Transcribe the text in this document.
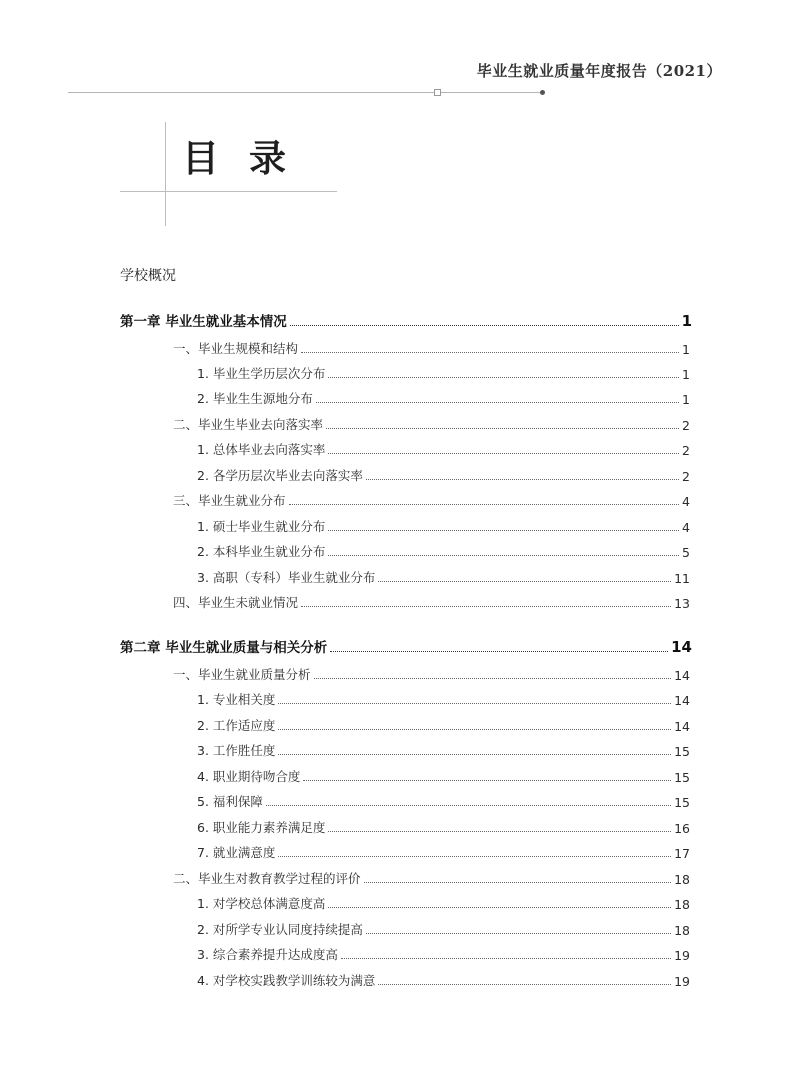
毕业生就业质量年度报告（2021）
目录
学校概况
第一章 毕业生就业基本情况	1
一、毕业生规模和结构	1
1. 毕业生学历层次分布	1
2. 毕业生生源地分布	1
二、毕业生毕业去向落实率	2
1. 总体毕业去向落实率	2
2. 各学历层次毕业去向落实率	2
三、毕业生就业分布	4
1. 硕士毕业生就业分布	4
2. 本科毕业生就业分布	5
3. 高职（专科）毕业生就业分布	11
四、毕业生未就业情况	13
第二章 毕业生就业质量与相关分析	14
一、毕业生就业质量分析	14
1. 专业相关度	14
2. 工作适应度	14
3. 工作胜任度	15
4. 职业期待吻合度	15
5. 福利保障	15
6. 职业能力素养满足度	16
7. 就业满意度	17
二、毕业生对教育教学过程的评价	18
1. 对学校总体满意度高	18
2. 对所学专业认同度持续提高	18
3. 综合素养提升达成度高	19
4. 对学校实践教学训练较为满意	19
